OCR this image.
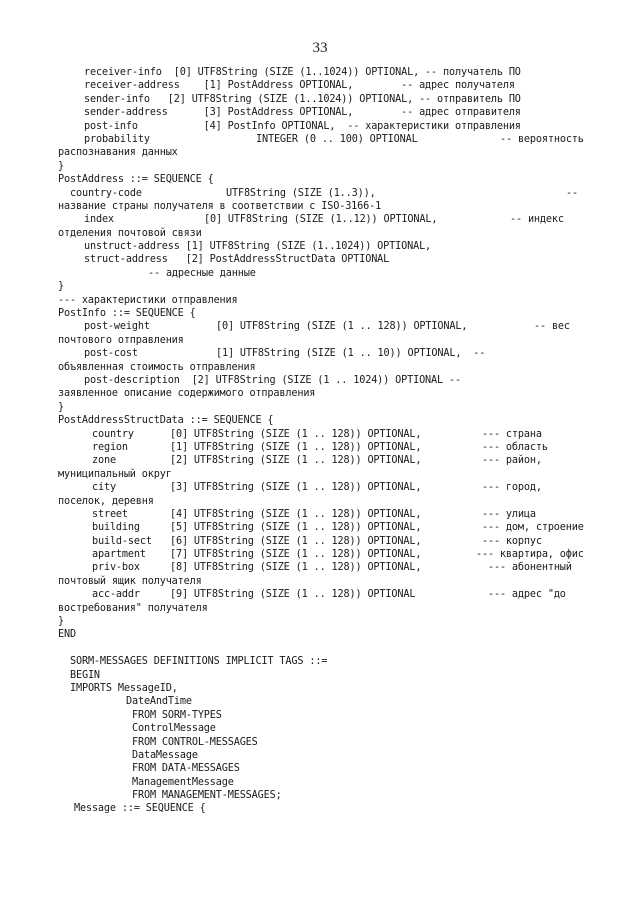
33
receiver-info  [0] UTF8String (SIZE (1..1024)) OPTIONAL, -- получатель ПО
receiver-address    [1] PostAddress OPTIONAL,        -- адрес получателя
sender-info   [2] UTF8String (SIZE (1..1024)) OPTIONAL, -- отправитель ПО
sender-address      [3] PostAddress OPTIONAL,        -- адрес отправителя
post-info           [4] PostInfo OPTIONAL,  -- характеристики отправления
probability	INTEGER (0 .. 100) OPTIONAL	-- вероятность
распознавания данных
}
PostAddress ::= SEQUENCE {
country-code	UTF8String (SIZE (1..3)),	--
название страны получателя в соответствии с ISO-3166-1
index	[0] UTF8String (SIZE (1..12)) OPTIONAL,	-- индекс
отделения почтовой связи
unstruct-address [1] UTF8String (SIZE (1..1024)) OPTIONAL,
struct-address   [2] PostAddressStructData OPTIONAL
-- адресные данные
}
--- характеристики отправления
PostInfo ::= SEQUENCE {
post-weight	[0] UTF8String (SIZE (1 .. 128)) OPTIONAL,	-- вес
почтового отправления
post-cost	[1] UTF8String (SIZE (1 .. 10)) OPTIONAL,  --
объявленная стоимость отправления
post-description  [2] UTF8String (SIZE (1 .. 1024)) OPTIONAL --
заявленное описание содержимого отправления
}
PostAddressStructData ::= SEQUENCE {
country	[0] UTF8String (SIZE (1 .. 128)) OPTIONAL,	--- страна
region	[1] UTF8String (SIZE (1 .. 128)) OPTIONAL,	--- область
zone	[2] UTF8String (SIZE (1 .. 128)) OPTIONAL,	--- район,
муниципальный округ
city	[3] UTF8String (SIZE (1 .. 128)) OPTIONAL,	--- город,
поселок, деревня
street	[4] UTF8String (SIZE (1 .. 128)) OPTIONAL,	--- улица
building	[5] UTF8String (SIZE (1 .. 128)) OPTIONAL,	--- дом, строение
build-sect [6] UTF8String (SIZE (1 .. 128)) OPTIONAL,	--- корпус
apartment [7] UTF8String (SIZE (1 .. 128)) OPTIONAL,	--- квартира, офис
priv-box	[8] UTF8String (SIZE (1 .. 128)) OPTIONAL,	--- абонентный
почтовый ящик получателя
acc-addr	[9] UTF8String (SIZE (1 .. 128)) OPTIONAL	--- адрес "до
востребования" получателя
}
END
SORM-MESSAGES DEFINITIONS IMPLICIT TAGS ::=
BEGIN
IMPORTS MessageID,
DateAndTime
FROM SORM-TYPES
ControlMessage
FROM CONTROL-MESSAGES
DataMessage
FROM DATA-MESSAGES
ManagementMessage
FROM MANAGEMENT-MESSAGES;
Message ::= SEQUENCE {
